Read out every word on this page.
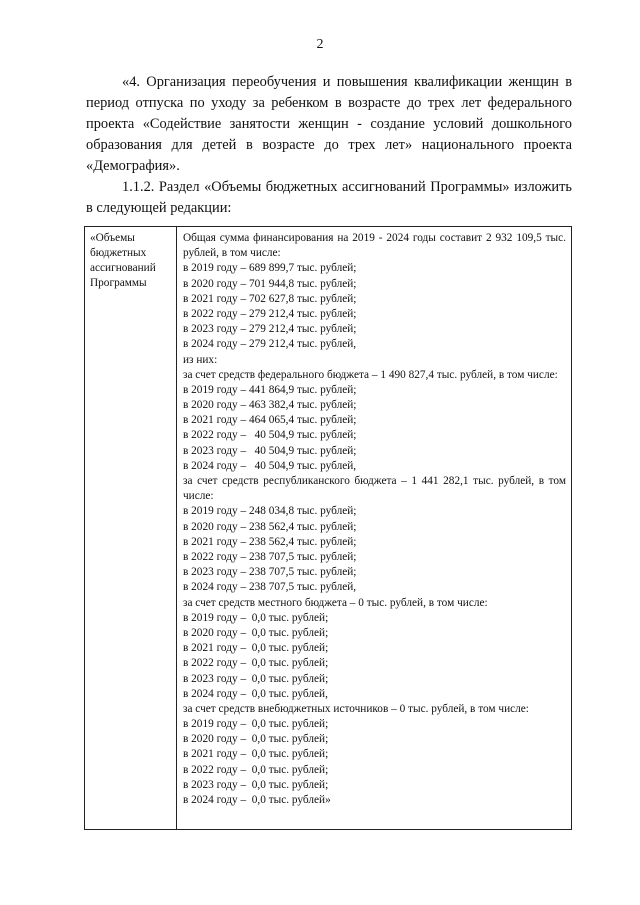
2

«4. Организация переобучения и повышения квалификации женщин в период отпуска по уходу за ребенком в возрасте до трех лет федерального проекта «Содействие занятости женщин - создание условий дошкольного образования для детей в возрасте до трех лет» национального проекта «Демография».

1.1.2. Раздел «Объемы бюджетных ассигнований Программы» изложить в следующей редакции:

«Объемы бюджетных ассигнований Программы
Общая сумма финансирования на 2019 - 2024 годы составит 2 932 109,5 тыс. рублей, в том числе:
в 2019 году – 689 899,7 тыс. рублей;
в 2020 году – 701 944,8 тыс. рублей;
в 2021 году – 702 627,8 тыс. рублей;
в 2022 году – 279 212,4 тыс. рублей;
в 2023 году – 279 212,4 тыс. рублей;
в 2024 году – 279 212,4 тыс. рублей,
из них:
за счет средств федерального бюджета – 1 490 827,4 тыс. рублей, в том числе:
в 2019 году – 441 864,9 тыс. рублей;
в 2020 году – 463 382,4 тыс. рублей;
в 2021 году – 464 065,4 тыс. рублей;
в 2022 году –   40 504,9 тыс. рублей;
в 2023 году –   40 504,9 тыс. рублей;
в 2024 году –   40 504,9 тыс. рублей,
за счет средств республиканского бюджета – 1 441 282,1 тыс. рублей, в том числе:
в 2019 году – 248 034,8 тыс. рублей;
в 2020 году – 238 562,4 тыс. рублей;
в 2021 году – 238 562,4 тыс. рублей;
в 2022 году – 238 707,5 тыс. рублей;
в 2023 году – 238 707,5 тыс. рублей;
в 2024 году – 238 707,5 тыс. рублей,
за счет средств местного бюджета – 0 тыс. рублей, в том числе:
в 2019 году –  0,0 тыс. рублей;
в 2020 году –  0,0 тыс. рублей;
в 2021 году –  0,0 тыс. рублей;
в 2022 году –  0,0 тыс. рублей;
в 2023 году –  0,0 тыс. рублей;
в 2024 году –  0,0 тыс. рублей,
за счет средств внебюджетных источников – 0 тыс. рублей, в том числе:
в 2019 году –  0,0 тыс. рублей;
в 2020 году –  0,0 тыс. рублей;
в 2021 году –  0,0 тыс. рублей;
в 2022 году –  0,0 тыс. рублей;
в 2023 году –  0,0 тыс. рублей;
в 2024 году –  0,0 тыс. рублей»
